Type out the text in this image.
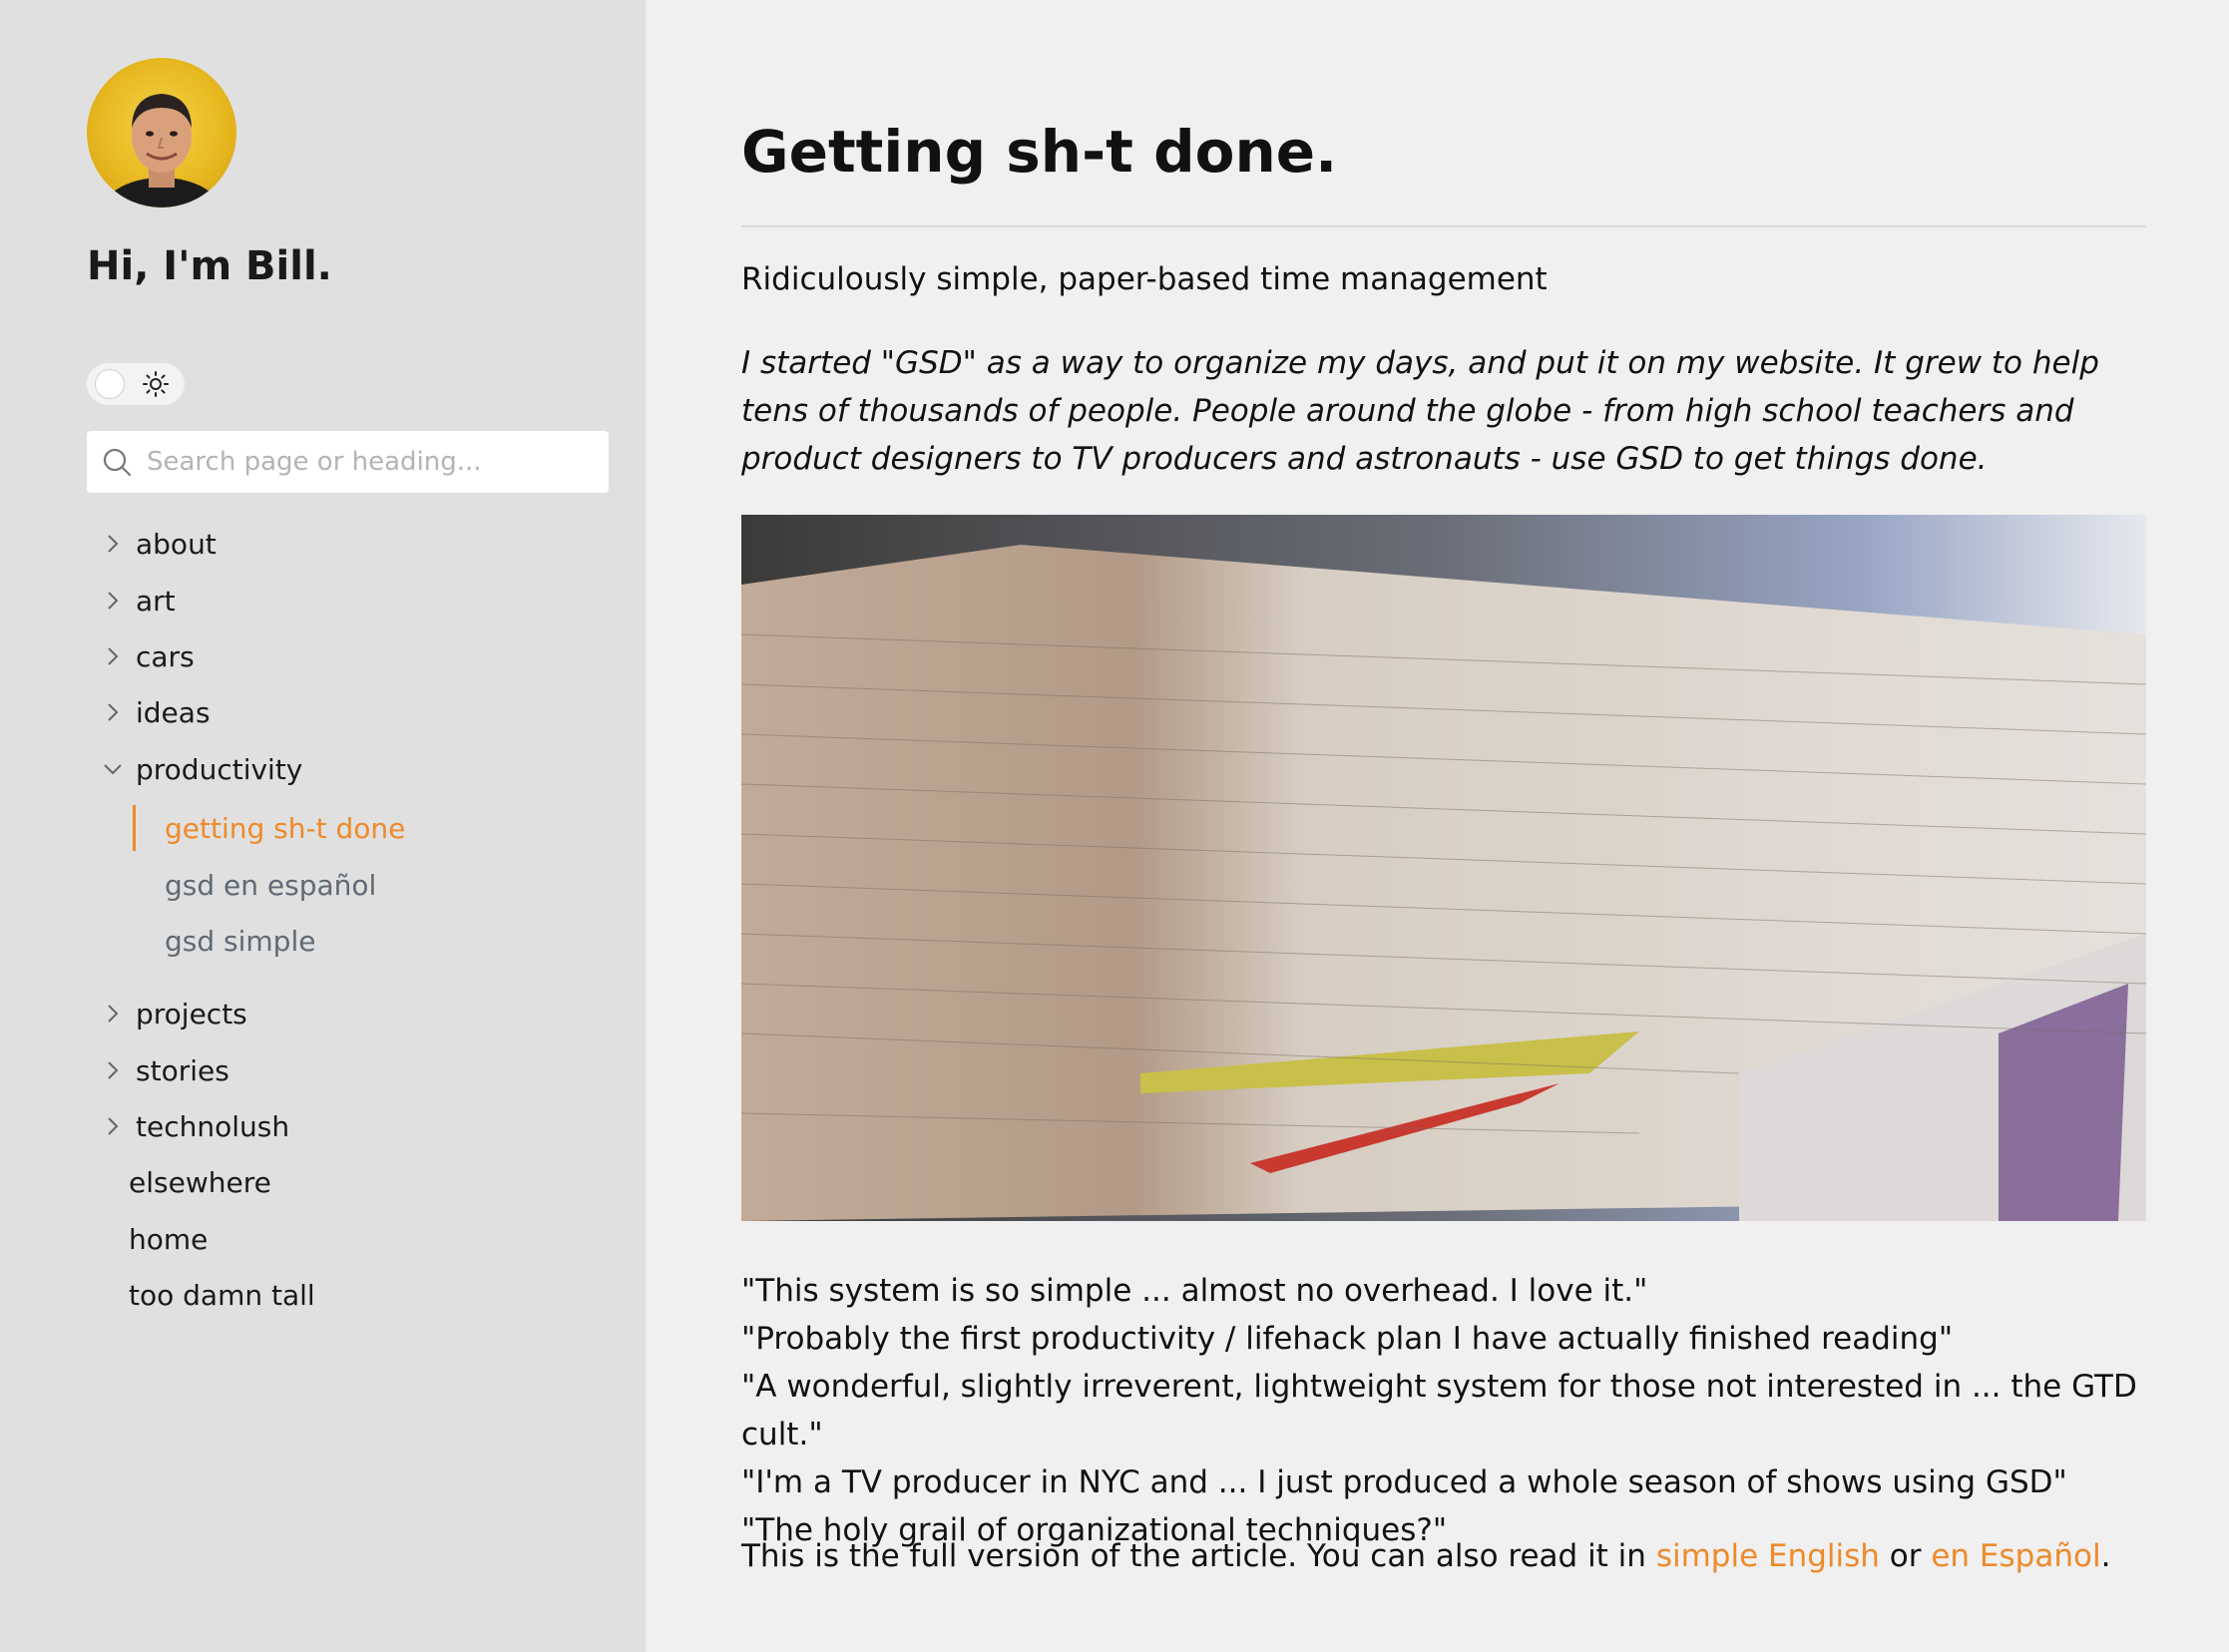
Hi, I'm Bill.
Search page or heading...
about
art
cars
ideas
productivity
getting sh-t done
gsd en español
gsd simple
projects
stories
technolush
elsewhere
home
too damn tall
Getting sh-t done.

Ridiculously simple, paper-based time management

I started "GSD" as a way to organize my days, and put it on my website. It grew to help tens of thousands of people. People around the globe - from high school teachers and product designers to TV producers and astronauts - use GSD to get things done.

"This system is so simple ... almost no overhead. I love it."
"Probably the first productivity / lifehack plan I have actually finished reading"
"A wonderful, slightly irreverent, lightweight system for those not interested in ... the GTD cult."
"I'm a TV producer in NYC and ... I just produced a whole season of shows using GSD"
"The holy grail of organizational techniques?"

This is the full version of the article. You can also read it in simple English or en Español.
